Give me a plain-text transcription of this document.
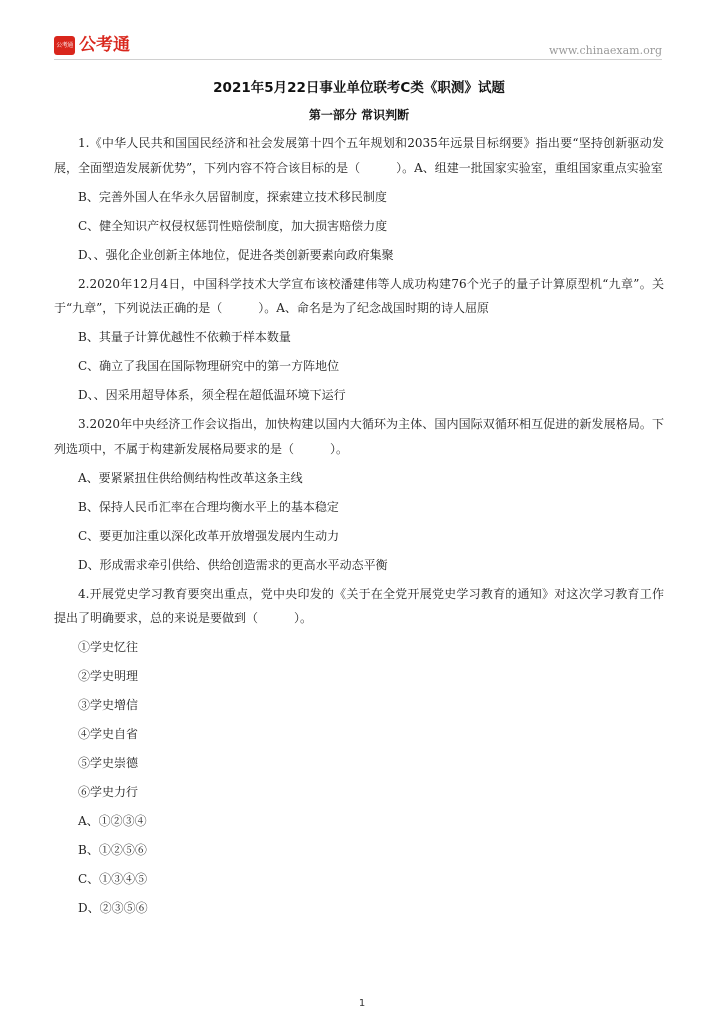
公考通 公考通	www.chinaexam.org
2021年5月22日事业单位联考C类《职测》试题
第一部分 常识判断

1.《中华人民共和国国民经济和社会发展第十四个五年规划和2035年远景目标纲要》指出要“坚持创新驱动发展，全面塑造发展新优势”，下列内容不符合该目标的是（　　　）。A、组建一批国家实验室，重组国家重点实验室

B、完善外国人在华永久居留制度，探索建立技术移民制度

C、健全知识产权侵权惩罚性赔偿制度，加大损害赔偿力度

D、、强化企业创新主体地位，促进各类创新要素向政府集聚

2.2020年12月4日，中国科学技术大学宣布该校潘建伟等人成功构建76个光子的量子计算原型机“九章”。关于“九章”，下列说法正确的是（　　　）。A、命名是为了纪念战国时期的诗人屈原

B、其量子计算优越性不依赖于样本数量

C、确立了我国在国际物理研究中的第一方阵地位

D、、因采用超导体系，须全程在超低温环境下运行

3.2020年中央经济工作会议指出，加快构建以国内大循环为主体、国内国际双循环相互促进的新发展格局。下列选项中，不属于构建新发展格局要求的是（　　　）。

A、要紧紧扭住供给侧结构性改革这条主线

B、保持人民币汇率在合理均衡水平上的基本稳定

C、要更加注重以深化改革开放增强发展内生动力

D、形成需求牵引供给、供给创造需求的更高水平动态平衡

4.开展党史学习教育要突出重点，党中央印发的《关于在全党开展党史学习教育的通知》对这次学习教育工作提出了明确要求，总的来说是要做到（　　　）。

①学史忆往

②学史明理

③学史增信

④学史自省

⑤学史崇德

⑥学史力行

A、①②③④

B、①②⑤⑥

C、①③④⑤

D、②③⑤⑥

1
